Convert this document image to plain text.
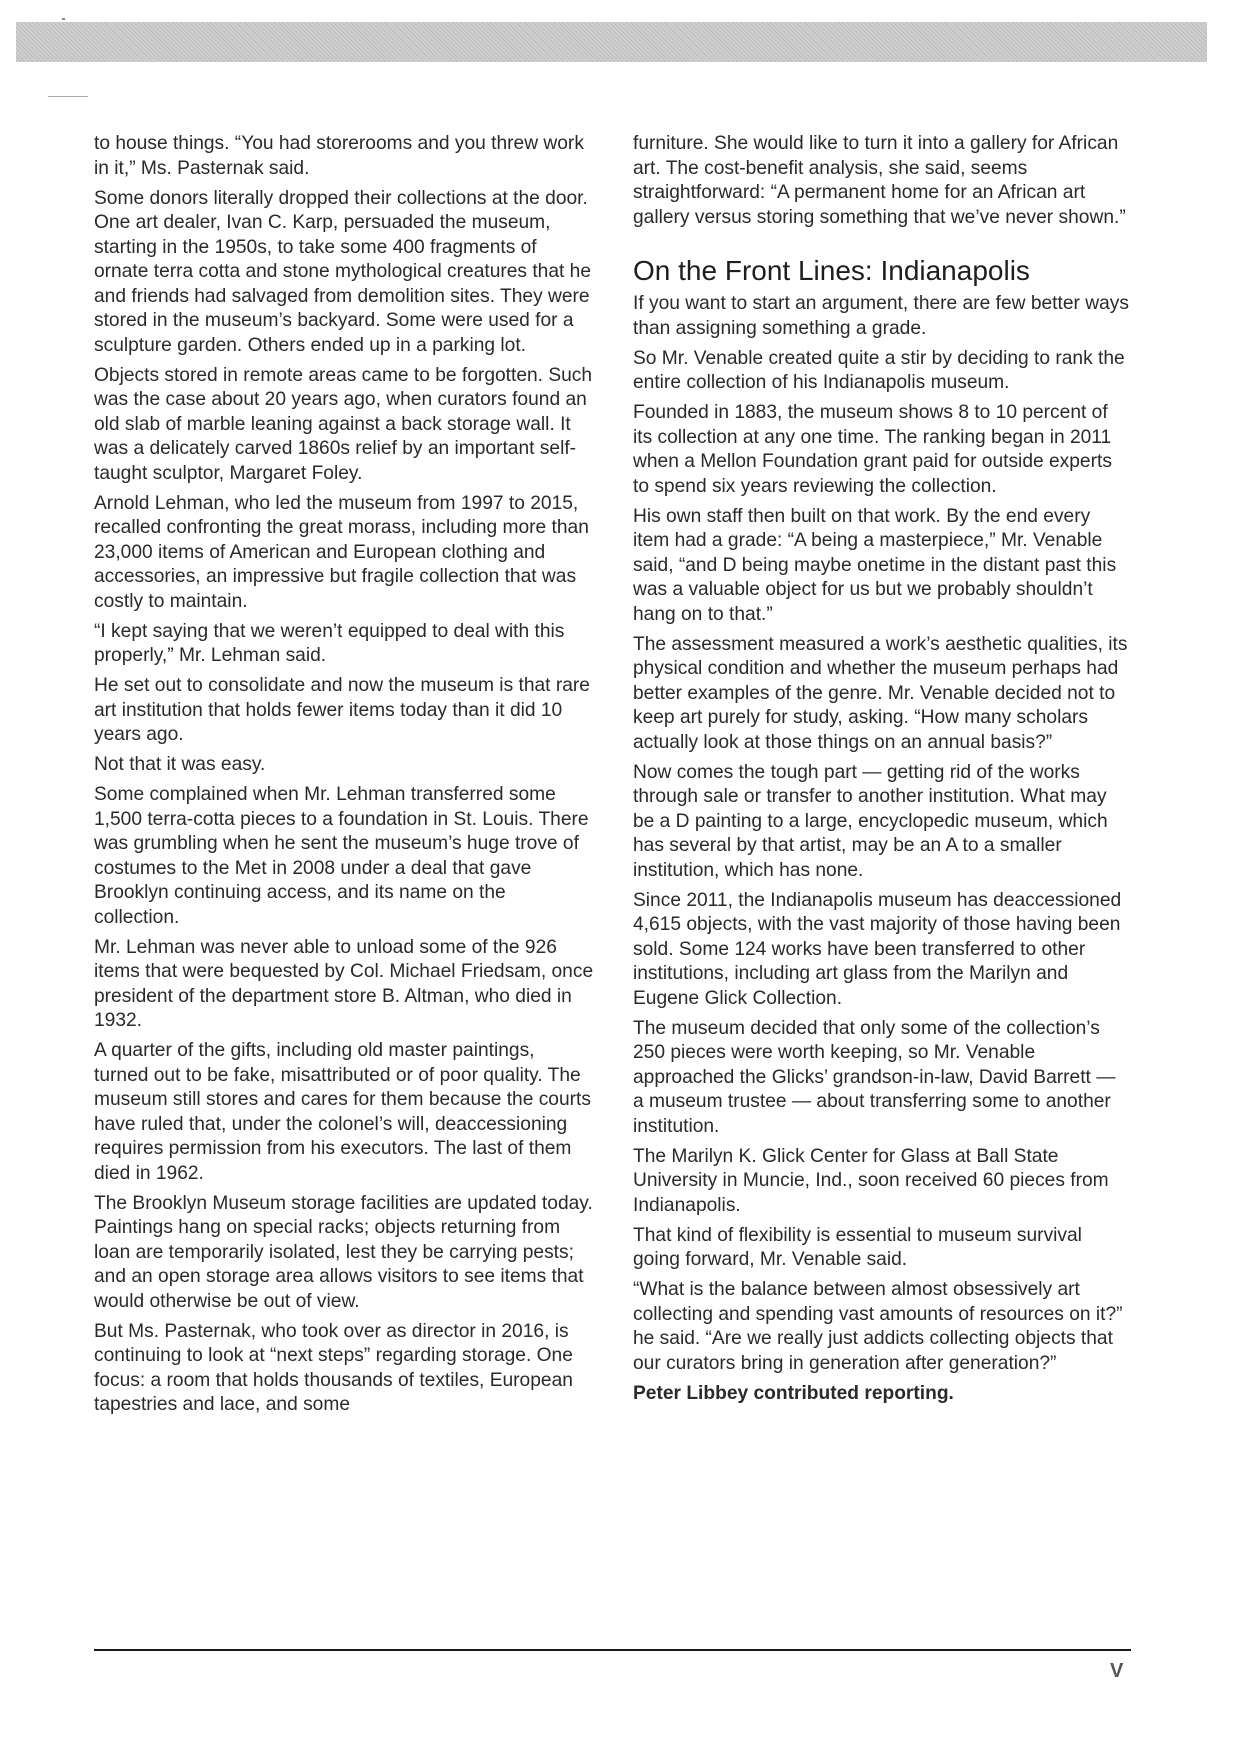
to house things. “You had storerooms and you threw work in it,” Ms. Pasternak said.

Some donors literally dropped their collections at the door. One art dealer, Ivan C. Karp, persuaded the museum, starting in the 1950s, to take some 400 fragments of ornate terra cotta and stone mythological creatures that he and friends had salvaged from demolition sites. They were stored in the museum’s backyard. Some were used for a sculpture garden. Others ended up in a parking lot.

Objects stored in remote areas came to be forgotten. Such was the case about 20 years ago, when curators found an old slab of marble leaning against a back storage wall. It was a delicately carved 1860s relief by an important self-taught sculptor, Margaret Foley.

Arnold Lehman, who led the museum from 1997 to 2015, recalled confronting the great morass, including more than 23,000 items of American and European clothing and accessories, an impressive but fragile collection that was costly to maintain.

“I kept saying that we weren’t equipped to deal with this properly,” Mr. Lehman said.

He set out to consolidate and now the museum is that rare art institution that holds fewer items today than it did 10 years ago.

Not that it was easy.

Some complained when Mr. Lehman transferred some 1,500 terra-cotta pieces to a foundation in St. Louis. There was grumbling when he sent the museum’s huge trove of costumes to the Met in 2008 under a deal that gave Brooklyn continuing access, and its name on the collection.

Mr. Lehman was never able to unload some of the 926 items that were bequested by Col. Michael Friedsam, once president of the department store B. Altman, who died in 1932.

A quarter of the gifts, including old master paintings, turned out to be fake, misattributed or of poor quality. The museum still stores and cares for them because the courts have ruled that, under the colonel’s will, deaccessioning requires permission from his executors. The last of them died in 1962.

The Brooklyn Museum storage facilities are updated today. Paintings hang on special racks; objects returning from loan are temporarily isolated, lest they be carrying pests; and an open storage area allows visitors to see items that would otherwise be out of view.

But Ms. Pasternak, who took over as director in 2016, is continuing to look at “next steps” regarding storage. One focus: a room that holds thousands of textiles, European tapestries and lace, and some

furniture. She would like to turn it into a gallery for African art. The cost-benefit analysis, she said, seems straightforward: “A permanent home for an African art gallery versus storing something that we’ve never shown.”

On the Front Lines: Indianapolis

If you want to start an argument, there are few better ways than assigning something a grade.

So Mr. Venable created quite a stir by deciding to rank the entire collection of his Indianapolis museum.

Founded in 1883, the museum shows 8 to 10 percent of its collection at any one time. The ranking began in 2011 when a Mellon Foundation grant paid for outside experts to spend six years reviewing the collection.

His own staff then built on that work. By the end every item had a grade: “A being a masterpiece,” Mr. Venable said, “and D being maybe onetime in the distant past this was a valuable object for us but we probably shouldn’t hang on to that.”

The assessment measured a work’s aesthetic qualities, its physical condition and whether the museum perhaps had better examples of the genre. Mr. Venable decided not to keep art purely for study, asking. “How many scholars actually look at those things on an annual basis?”

Now comes the tough part — getting rid of the works through sale or transfer to another institution. What may be a D painting to a large, encyclopedic museum, which has several by that artist, may be an A to a smaller institution, which has none.

Since 2011, the Indianapolis museum has deaccessioned 4,615 objects, with the vast majority of those having been sold. Some 124 works have been transferred to other institutions, including art glass from the Marilyn and Eugene Glick Collection.

The museum decided that only some of the collection’s 250 pieces were worth keeping, so Mr. Venable approached the Glicks’ grandson-in-law, David Barrett — a museum trustee — about transferring some to another institution.

The Marilyn K. Glick Center for Glass at Ball State University in Muncie, Ind., soon received 60 pieces from Indianapolis.

That kind of flexibility is essential to museum survival going forward, Mr. Venable said.

“What is the balance between almost obsessively art collecting and spending vast amounts of resources on it?” he said. “Are we really just addicts collecting objects that our curators bring in generation after generation?”

Peter Libbey contributed reporting.

V
